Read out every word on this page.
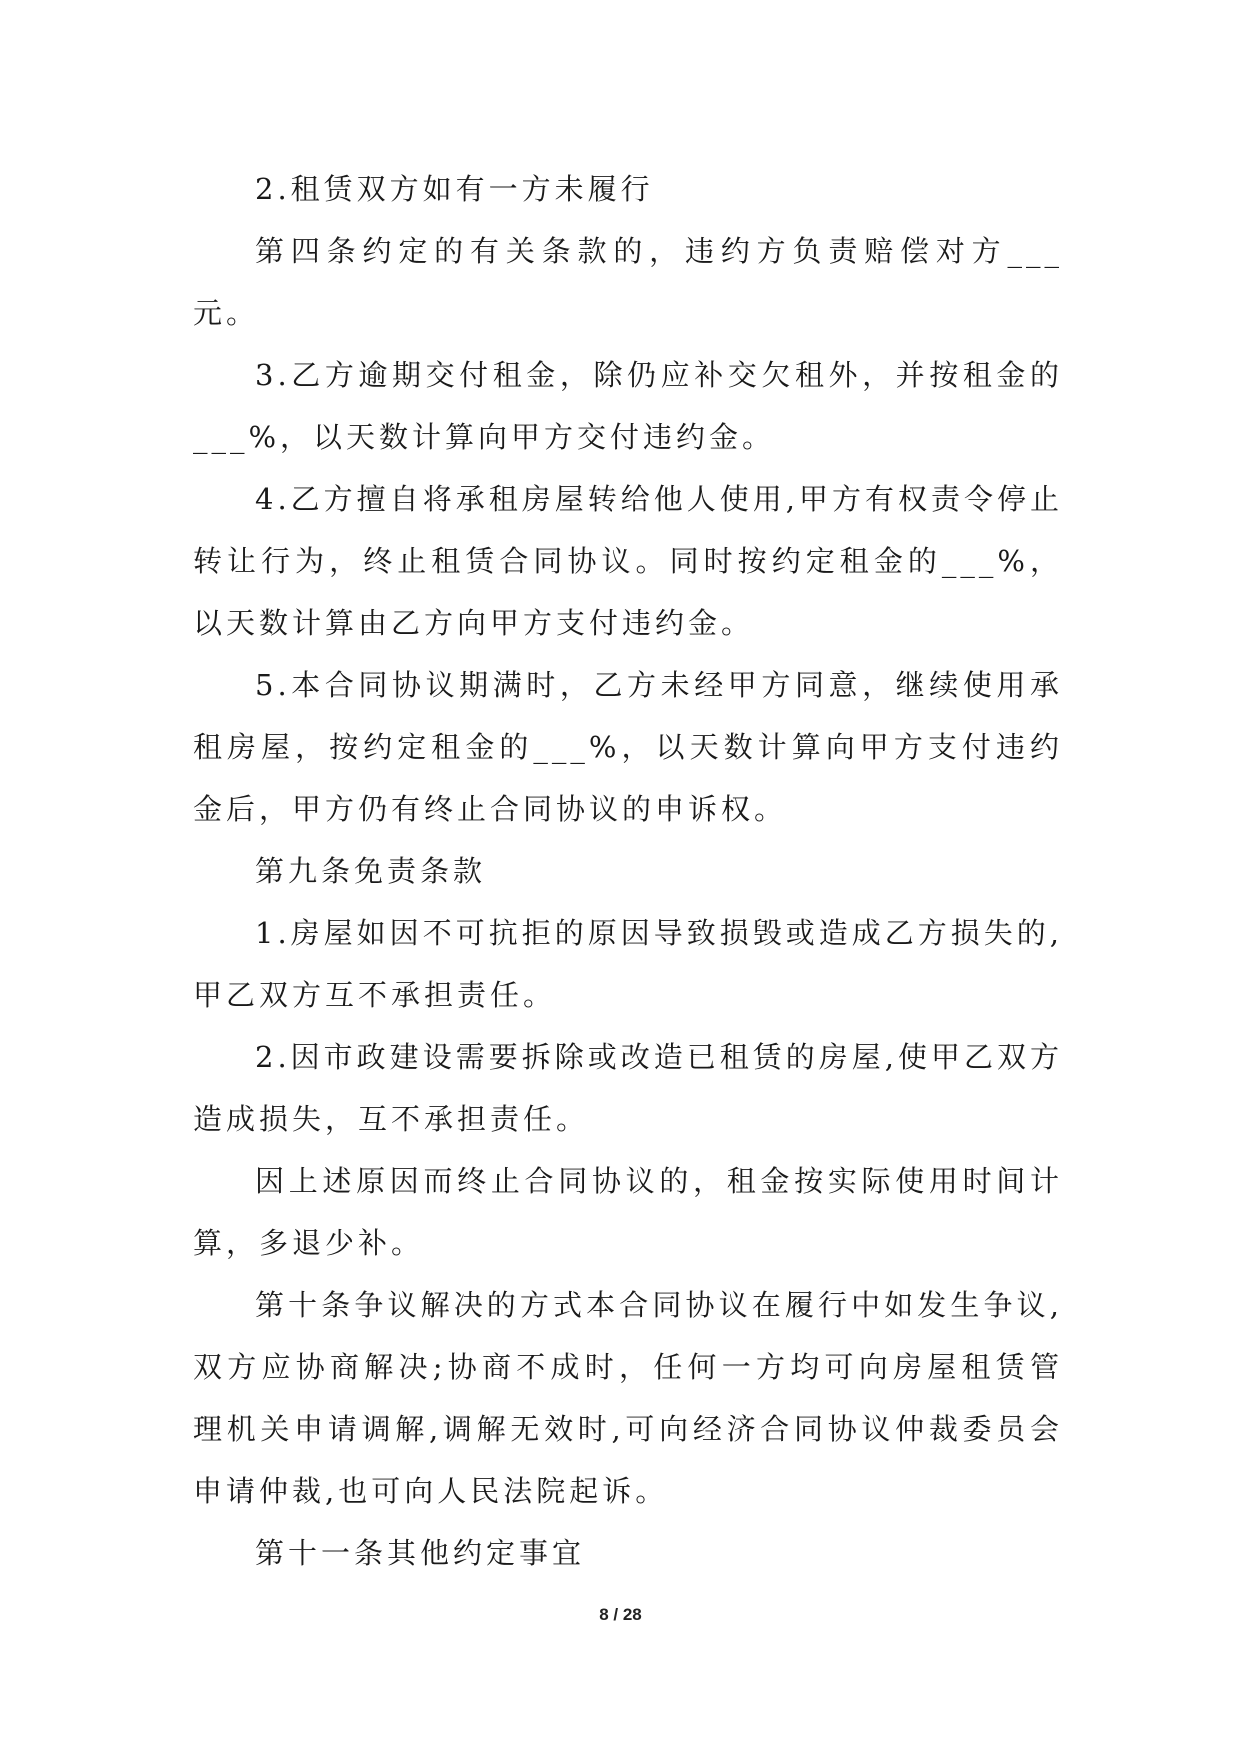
2.租赁双方如有一方未履行

第四条约定的有关条款的，违约方负责赔偿对方___元。

3.乙方逾期交付租金，除仍应补交欠租外，并按租金的___%，以天数计算向甲方交付违约金。

4.乙方擅自将承租房屋转给他人使用,甲方有权责令停止转让行为，终止租赁合同协议。同时按约定租金的___%，以天数计算由乙方向甲方支付违约金。

5.本合同协议期满时，乙方未经甲方同意，继续使用承租房屋，按约定租金的___%，以天数计算向甲方支付违约金后，甲方仍有终止合同协议的申诉权。

第九条免责条款

1.房屋如因不可抗拒的原因导致损毁或造成乙方损失的,甲乙双方互不承担责任。

2.因市政建设需要拆除或改造已租赁的房屋,使甲乙双方造成损失，互不承担责任。

因上述原因而终止合同协议的，租金按实际使用时间计算，多退少补。

第十条争议解决的方式本合同协议在履行中如发生争议,双方应协商解决;协商不成时，任何一方均可向房屋租赁管理机关申请调解,调解无效时,可向经济合同协议仲裁委员会申请仲裁,也可向人民法院起诉。

第十一条其他约定事宜

8 / 28
